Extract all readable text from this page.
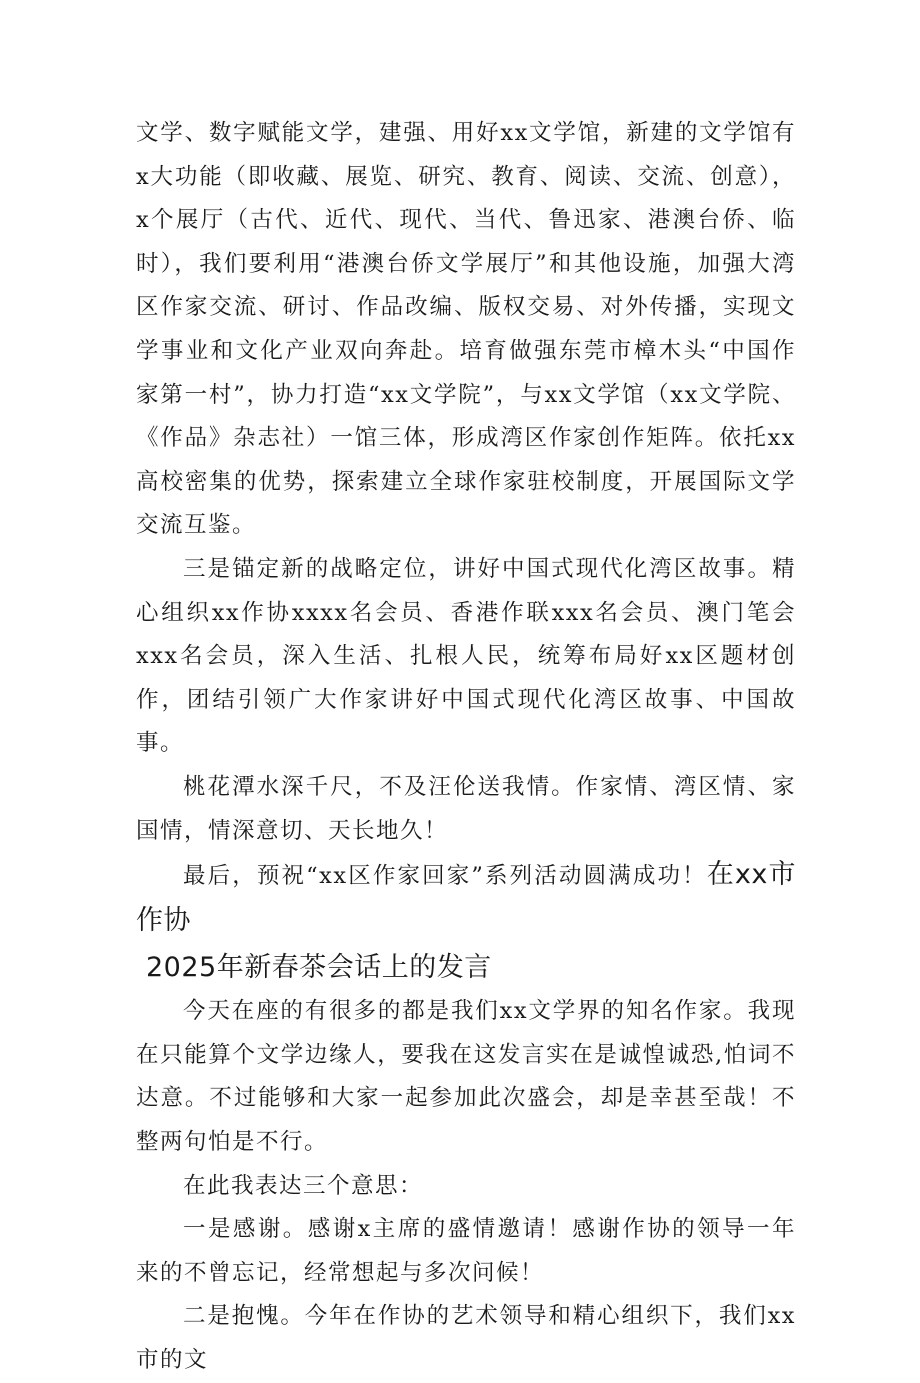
文学、数字赋能文学，建强、用好xx文学馆，新建的文学馆有x大功能（即收藏、展览、研究、教育、阅读、交流、创意），x个展厅（古代、近代、现代、当代、鲁迅家、港澳台侨、临时），我们要利用“港澳台侨文学展厅”和其他设施，加强大湾区作家交流、研讨、作品改编、版权交易、对外传播，实现文学事业和文化产业双向奔赴。培育做强东莞市樟木头“中国作家第一村”，协力打造“xx文学院”，与xx文学馆（xx文学院、《作品》杂志社）一馆三体，形成湾区作家创作矩阵。依托xx高校密集的优势，探索建立全球作家驻校制度，开展国际文学交流互鉴。

三是锚定新的战略定位，讲好中国式现代化湾区故事。精心组织xx作协xxxx名会员、香港作联xxx名会员、澳门笔会xxx名会员，深入生活、扎根人民，统筹布局好xx区题材创作，团结引领广大作家讲好中国式现代化湾区故事、中国故事。

桃花潭水深千尺，不及汪伦送我情。作家情、湾区情、家国情，情深意切、天长地久！

最后，预祝“xx区作家回家”系列活动圆满成功！在xx市作协

2025年新春茶会话上的发言

今天在座的有很多的都是我们xx文学界的知名作家。我现在只能算个文学边缘人，要我在这发言实在是诚惶诚恐,怕词不达意。不过能够和大家一起参加此次盛会，却是幸甚至哉！不整两句怕是不行。

在此我表达三个意思：

一是感谢。感谢x主席的盛情邀请！感谢作协的领导一年来的不曾忘记，经常想起与多次问候！

二是抱愧。今年在作协的艺术领导和精心组织下，我们xx市的文
